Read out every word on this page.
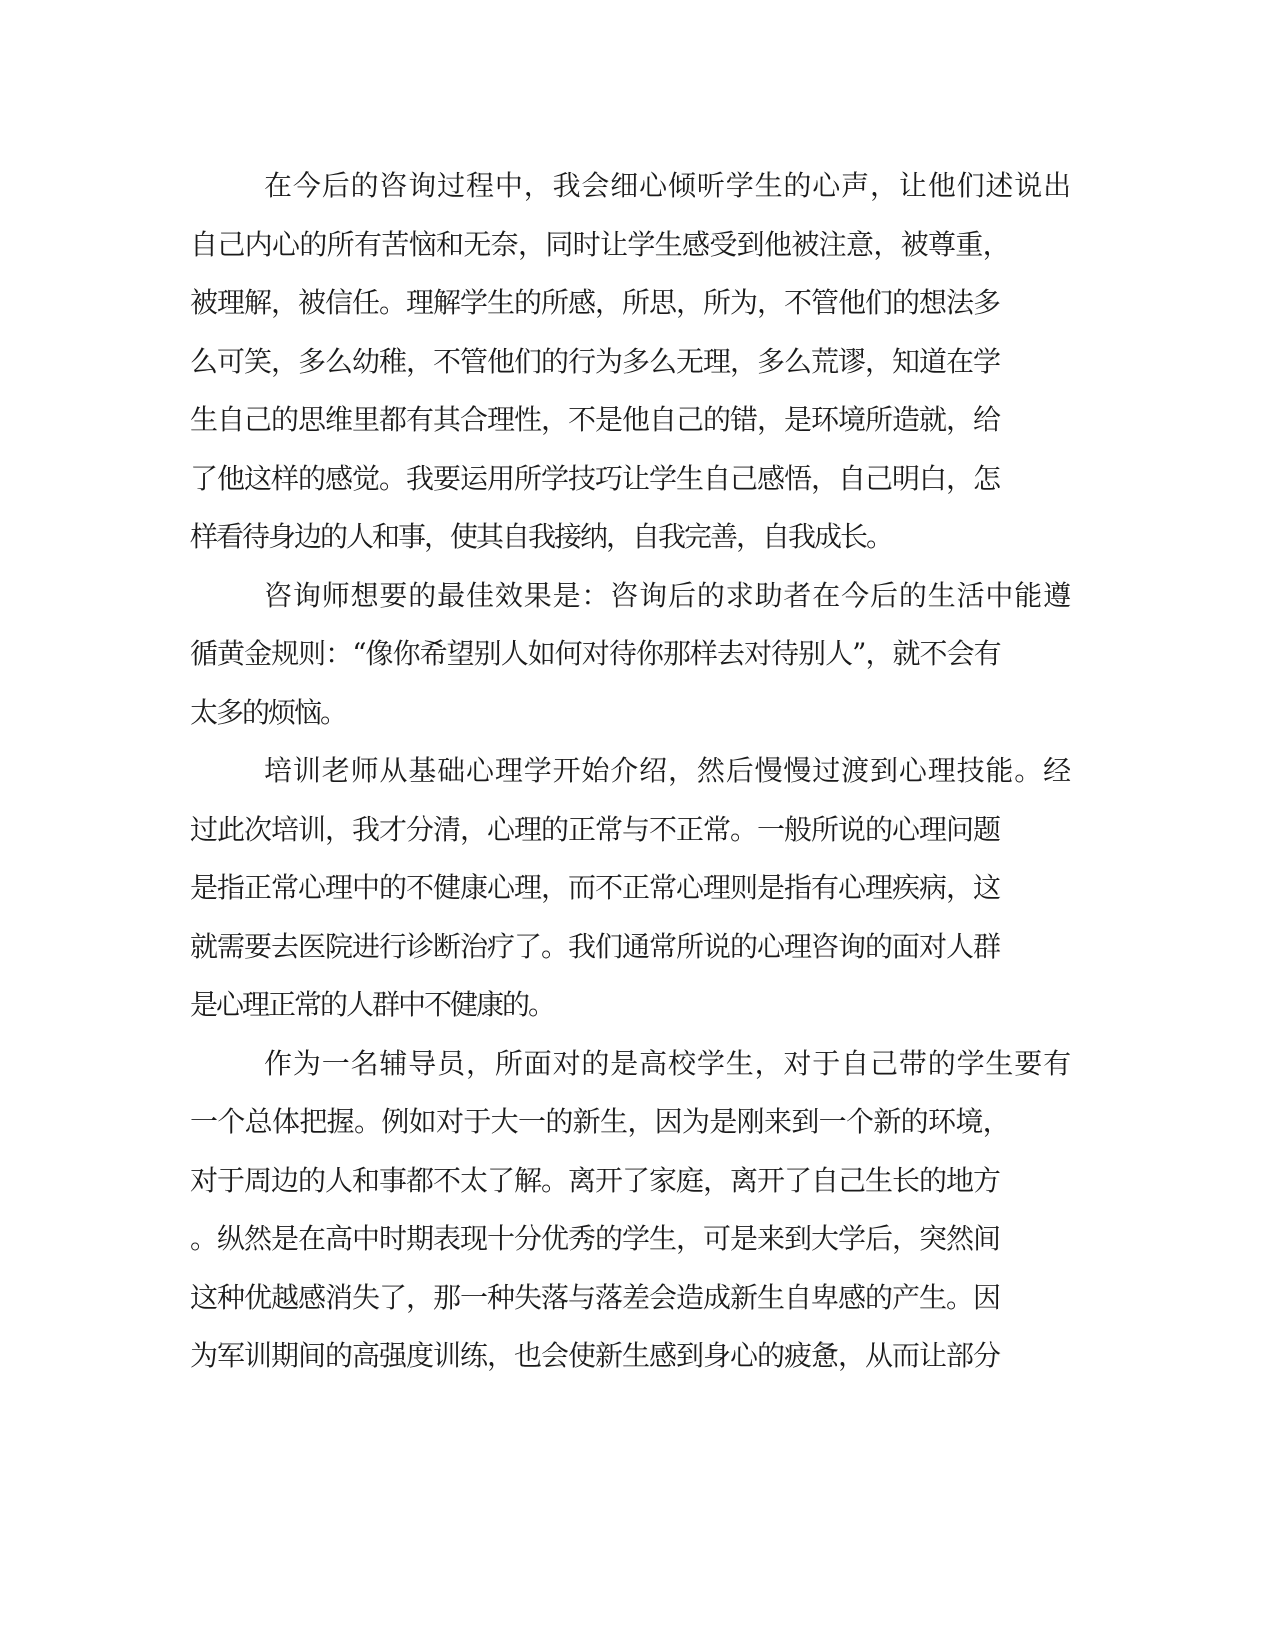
在今后的咨询过程中，我会细心倾听学生的心声，让他们述说出
自己内心的所有苦恼和无奈，同时让学生感受到他被注意，被尊重，
被理解，被信任。理解学生的所感，所思，所为，不管他们的想法多
么可笑，多么幼稚，不管他们的行为多么无理，多么荒谬，知道在学
生自己的思维里都有其合理性，不是他自己的错，是环境所造就，给
了他这样的感觉。我要运用所学技巧让学生自己感悟，自己明白，怎
样看待身边的人和事，使其自我接纳，自我完善，自我成长。
咨询师想要的最佳效果是：咨询后的求助者在今后的生活中能遵
循黄金规则：“像你希望别人如何对待你那样去对待别人”，就不会有
太多的烦恼。
培训老师从基础心理学开始介绍，然后慢慢过渡到心理技能。经
过此次培训，我才分清，心理的正常与不正常。一般所说的心理问题
是指正常心理中的不健康心理，而不正常心理则是指有心理疾病，这
就需要去医院进行诊断治疗了。我们通常所说的心理咨询的面对人群
是心理正常的人群中不健康的。
作为一名辅导员，所面对的是高校学生，对于自己带的学生要有
一个总体把握。例如对于大一的新生，因为是刚来到一个新的环境，
对于周边的人和事都不太了解。离开了家庭，离开了自己生长的地方
。纵然是在高中时期表现十分优秀的学生，可是来到大学后，突然间
这种优越感消失了，那一种失落与落差会造成新生自卑感的产生。因
为军训期间的高强度训练，也会使新生感到身心的疲惫，从而让部分
